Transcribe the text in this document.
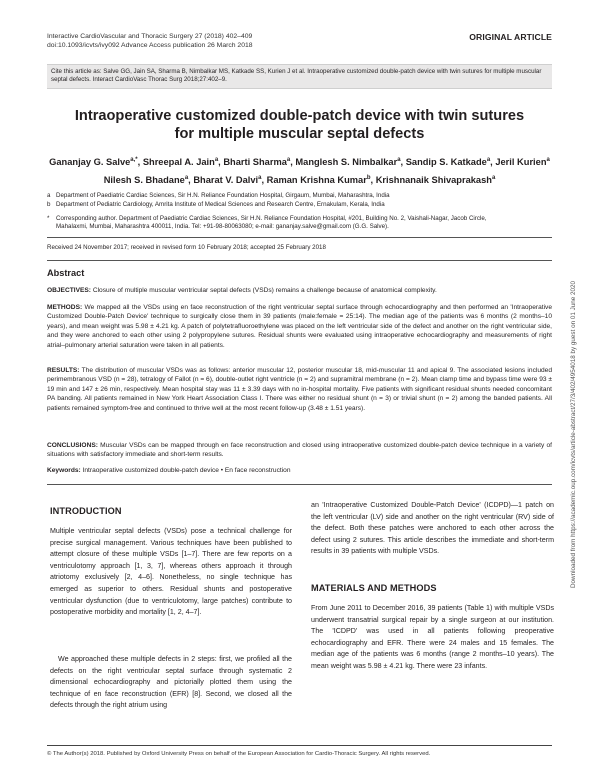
Interactive CardioVascular and Thoracic Surgery 27 (2018) 402–409
doi:10.1093/icvts/ivy092 Advance Access publication 26 March 2018
ORIGINAL ARTICLE
Cite this article as: Salve GG, Jain SA, Sharma B, Nimbalkar MS, Katkade SS, Kurien J et al. Intraoperative customized double-patch device with twin sutures for multiple muscular septal defects. Interact CardioVasc Thorac Surg 2018;27:402–9.
Intraoperative customized double-patch device with twin sutures
for multiple muscular septal defects
Gananjay G. Salve$^{a,*}$, Shreepal A. Jain$^a$, Bharti Sharma$^a$, Manglesh S. Nimbalkar$^a$, Sandip S. Katkade$^a$, Jeril Kurien$^a$
Nilesh S. Bhadane$^a$, Bharat V. Dalvi$^a$, Raman Krishna Kumar$^b$, Krishnanaik Shivaprakash$^a$
a Department of Paediatric Cardiac Sciences, Sir H.N. Reliance Foundation Hospital, Girgaum, Mumbai, Maharashtra, India
b Department of Pediatric Cardiology, Amrita Institute of Medical Sciences and Research Centre, Ernakulam, Kerala, India
* Corresponding author. Department of Paediatric Cardiac Sciences, Sir H.N. Reliance Foundation Hospital, #201, Building No. 2, Vaishali-Nagar, Jacob Circle,
Mahalaxmi, Mumbai, Maharashtra 400011, India. Tel: +91-98-80063080; e-mail: gananjay.salve@gmail.com (G.G. Salve).
Received 24 November 2017; received in revised form 10 February 2018; accepted 25 February 2018
Abstract
OBJECTIVES: Closure of multiple muscular ventricular septal defects (VSDs) remains a challenge because of anatomical complexity.
METHODS: We mapped all the VSDs using en face reconstruction of the right ventricular septal surface through echocardiography and then performed an 'Intraoperative Customized Double-Patch Device' technique to surgically close them in 39 patients (male:female = 25:14). The median age of the patients was 6 months (2 months–10 years), and mean weight was 5.98 ± 4.21 kg. A patch of polytetrafluoroethylene was placed on the left ventricular side of the defect and another on the right ventricular side, and they were anchored to each other using 2 polypropylene sutures. Residual shunts were evaluated using intraoperative echocardiography and measurements of right atrial–pulmonary arterial saturation were taken in all patients.
RESULTS: The distribution of muscular VSDs was as follows: anterior muscular 12, posterior muscular 18, mid-muscular 11 and apical 9. The associated lesions included perimembranous VSD (n = 28), tetralogy of Fallot (n = 6), double-outlet right ventricle (n = 2) and supramitral membrane (n = 2). Mean clamp time and bypass time were 93 ± 19 min and 147 ± 26 min, respectively. Mean hospital stay was 11 ± 3.39 days with no in-hospital mortality. Five patients with significant residual shunts needed concomitant PA banding. All patients remained in New York Heart Association Class I. There was either no residual shunt (n = 3) or trivial shunt (n = 2) among the banded patients. All patients remained symptom-free and continued to thrive well at the most recent follow-up (3.48 ± 1.51 years).
CONCLUSIONS: Muscular VSDs can be mapped through en face reconstruction and closed using intraoperative customized double-patch device technique in a variety of situations with satisfactory immediate and short-term results.
Keywords: Intraoperative customized double-patch device • En face reconstruction
INTRODUCTION
Multiple ventricular septal defects (VSDs) pose a technical challenge for precise surgical management. Various techniques have been published to attempt closure of these multiple VSDs [1–7]. There are few reports on a ventriculotomy approach [1, 3, 7], whereas others approach it through atriotomy exclusively [2, 4–6]. Nonetheless, no single technique has emerged as superior to others. Residual shunts and postoperative ventricular dysfunction (due to ventriculotomy, large patches) contribute to postoperative morbidity and mortality [1, 2, 4–7].
We approached these multiple defects in 2 steps: first, we profiled all the defects on the right ventricular septal surface through systematic 2 dimensional echocardiography and pictorially plotted them using the technique of en face reconstruction (EFR) [8]. Second, we closed all the defects through the right atrium using
an 'Intraoperative Customized Double-Patch Device' (ICDPD)—1 patch on the left ventricular (LV) side and another on the right ventricular (RV) side of the defect. Both these patches were anchored to each other across the defect using 2 sutures. This article describes the immediate and short-term results in 39 patients with multiple VSDs.
MATERIALS AND METHODS
From June 2011 to December 2016, 39 patients (Table 1) with multiple VSDs underwent transatrial surgical repair by a single surgeon at our institution. The 'ICDPD' was used in all patients following preoperative echocardiography and EFR. There were 24 males and 15 females. The median age of the patients was 6 months (range 2 months–10 years). The mean weight was 5.98 ± 4.21 kg. There were 23 infants.
Downloaded from https://academic.oup.com/icvts/article-abstract/27/3/402/4954018 by guest on 01 June 2020
© The Author(s) 2018. Published by Oxford University Press on behalf of the European Association for Cardio-Thoracic Surgery. All rights reserved.
